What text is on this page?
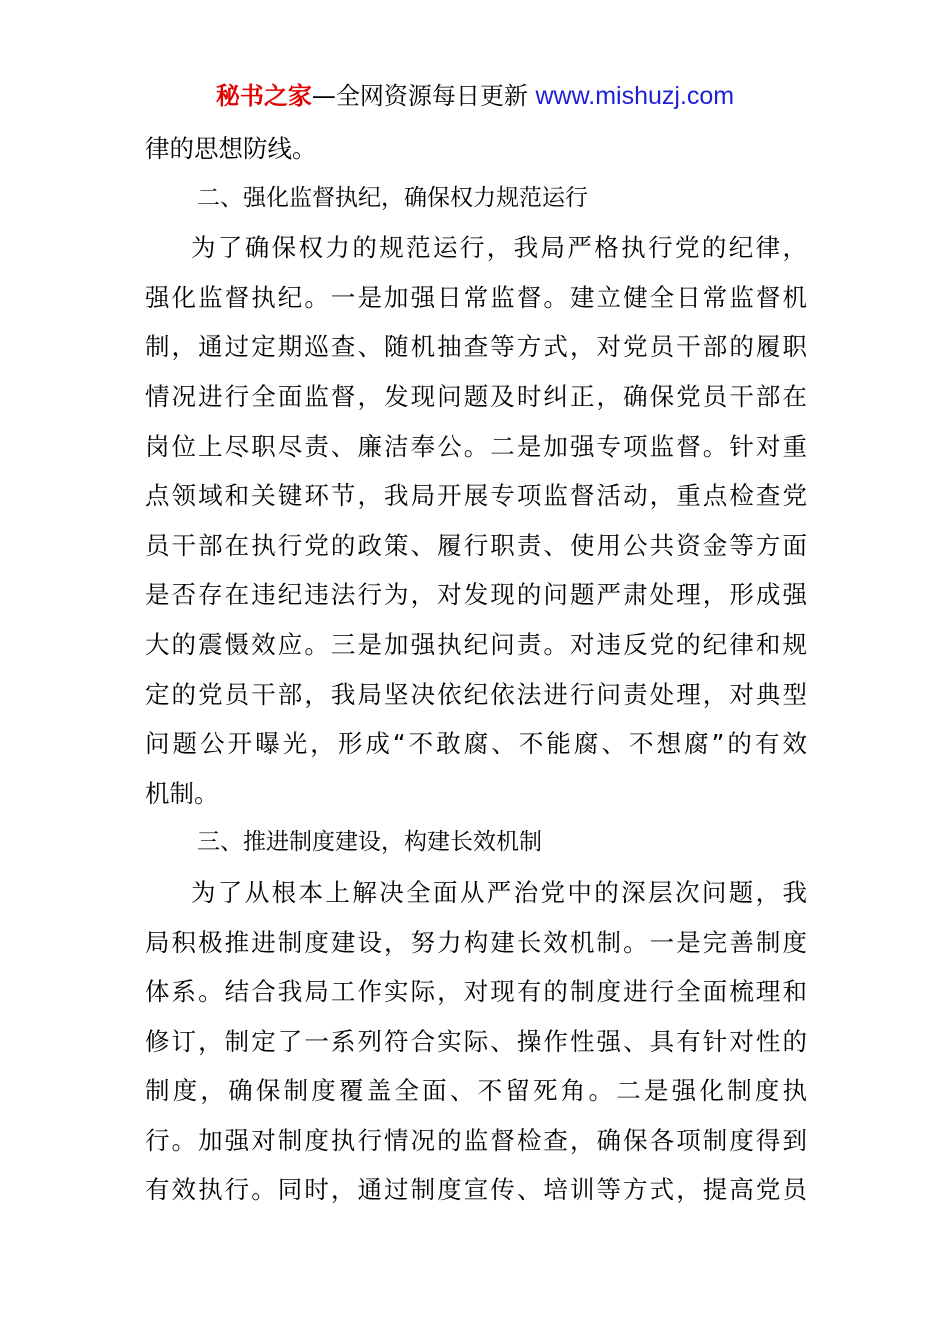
秘书之家—全网资源每日更新 www.mishuzj.com
律的思想防线。
二、强化监督执纪，确保权力规范运行
为了确保权力的规范运行，我局严格执行党的纪律，
强化监督执纪。一是加强日常监督。建立健全日常监督机
制，通过定期巡查、随机抽查等方式，对党员干部的履职
情况进行全面监督，发现问题及时纠正，确保党员干部在
岗位上尽职尽责、廉洁奉公。二是加强专项监督。针对重
点领域和关键环节，我局开展专项监督活动，重点检查党
员干部在执行党的政策、履行职责、使用公共资金等方面
是否存在违纪违法行为，对发现的问题严肃处理，形成强
大的震慑效应。三是加强执纪问责。对违反党的纪律和规
定的党员干部，我局坚决依纪依法进行问责处理，对典型
问题公开曝光，形成“不敢腐、不能腐、不想腐”的有效
机制。
三、推进制度建设，构建长效机制
为了从根本上解决全面从严治党中的深层次问题，我
局积极推进制度建设，努力构建长效机制。一是完善制度
体系。结合我局工作实际，对现有的制度进行全面梳理和
修订，制定了一系列符合实际、操作性强、具有针对性的
制度，确保制度覆盖全面、不留死角。二是强化制度执
行。加强对制度执行情况的监督检查，确保各项制度得到
有效执行。同时，通过制度宣传、培训等方式，提高党员
